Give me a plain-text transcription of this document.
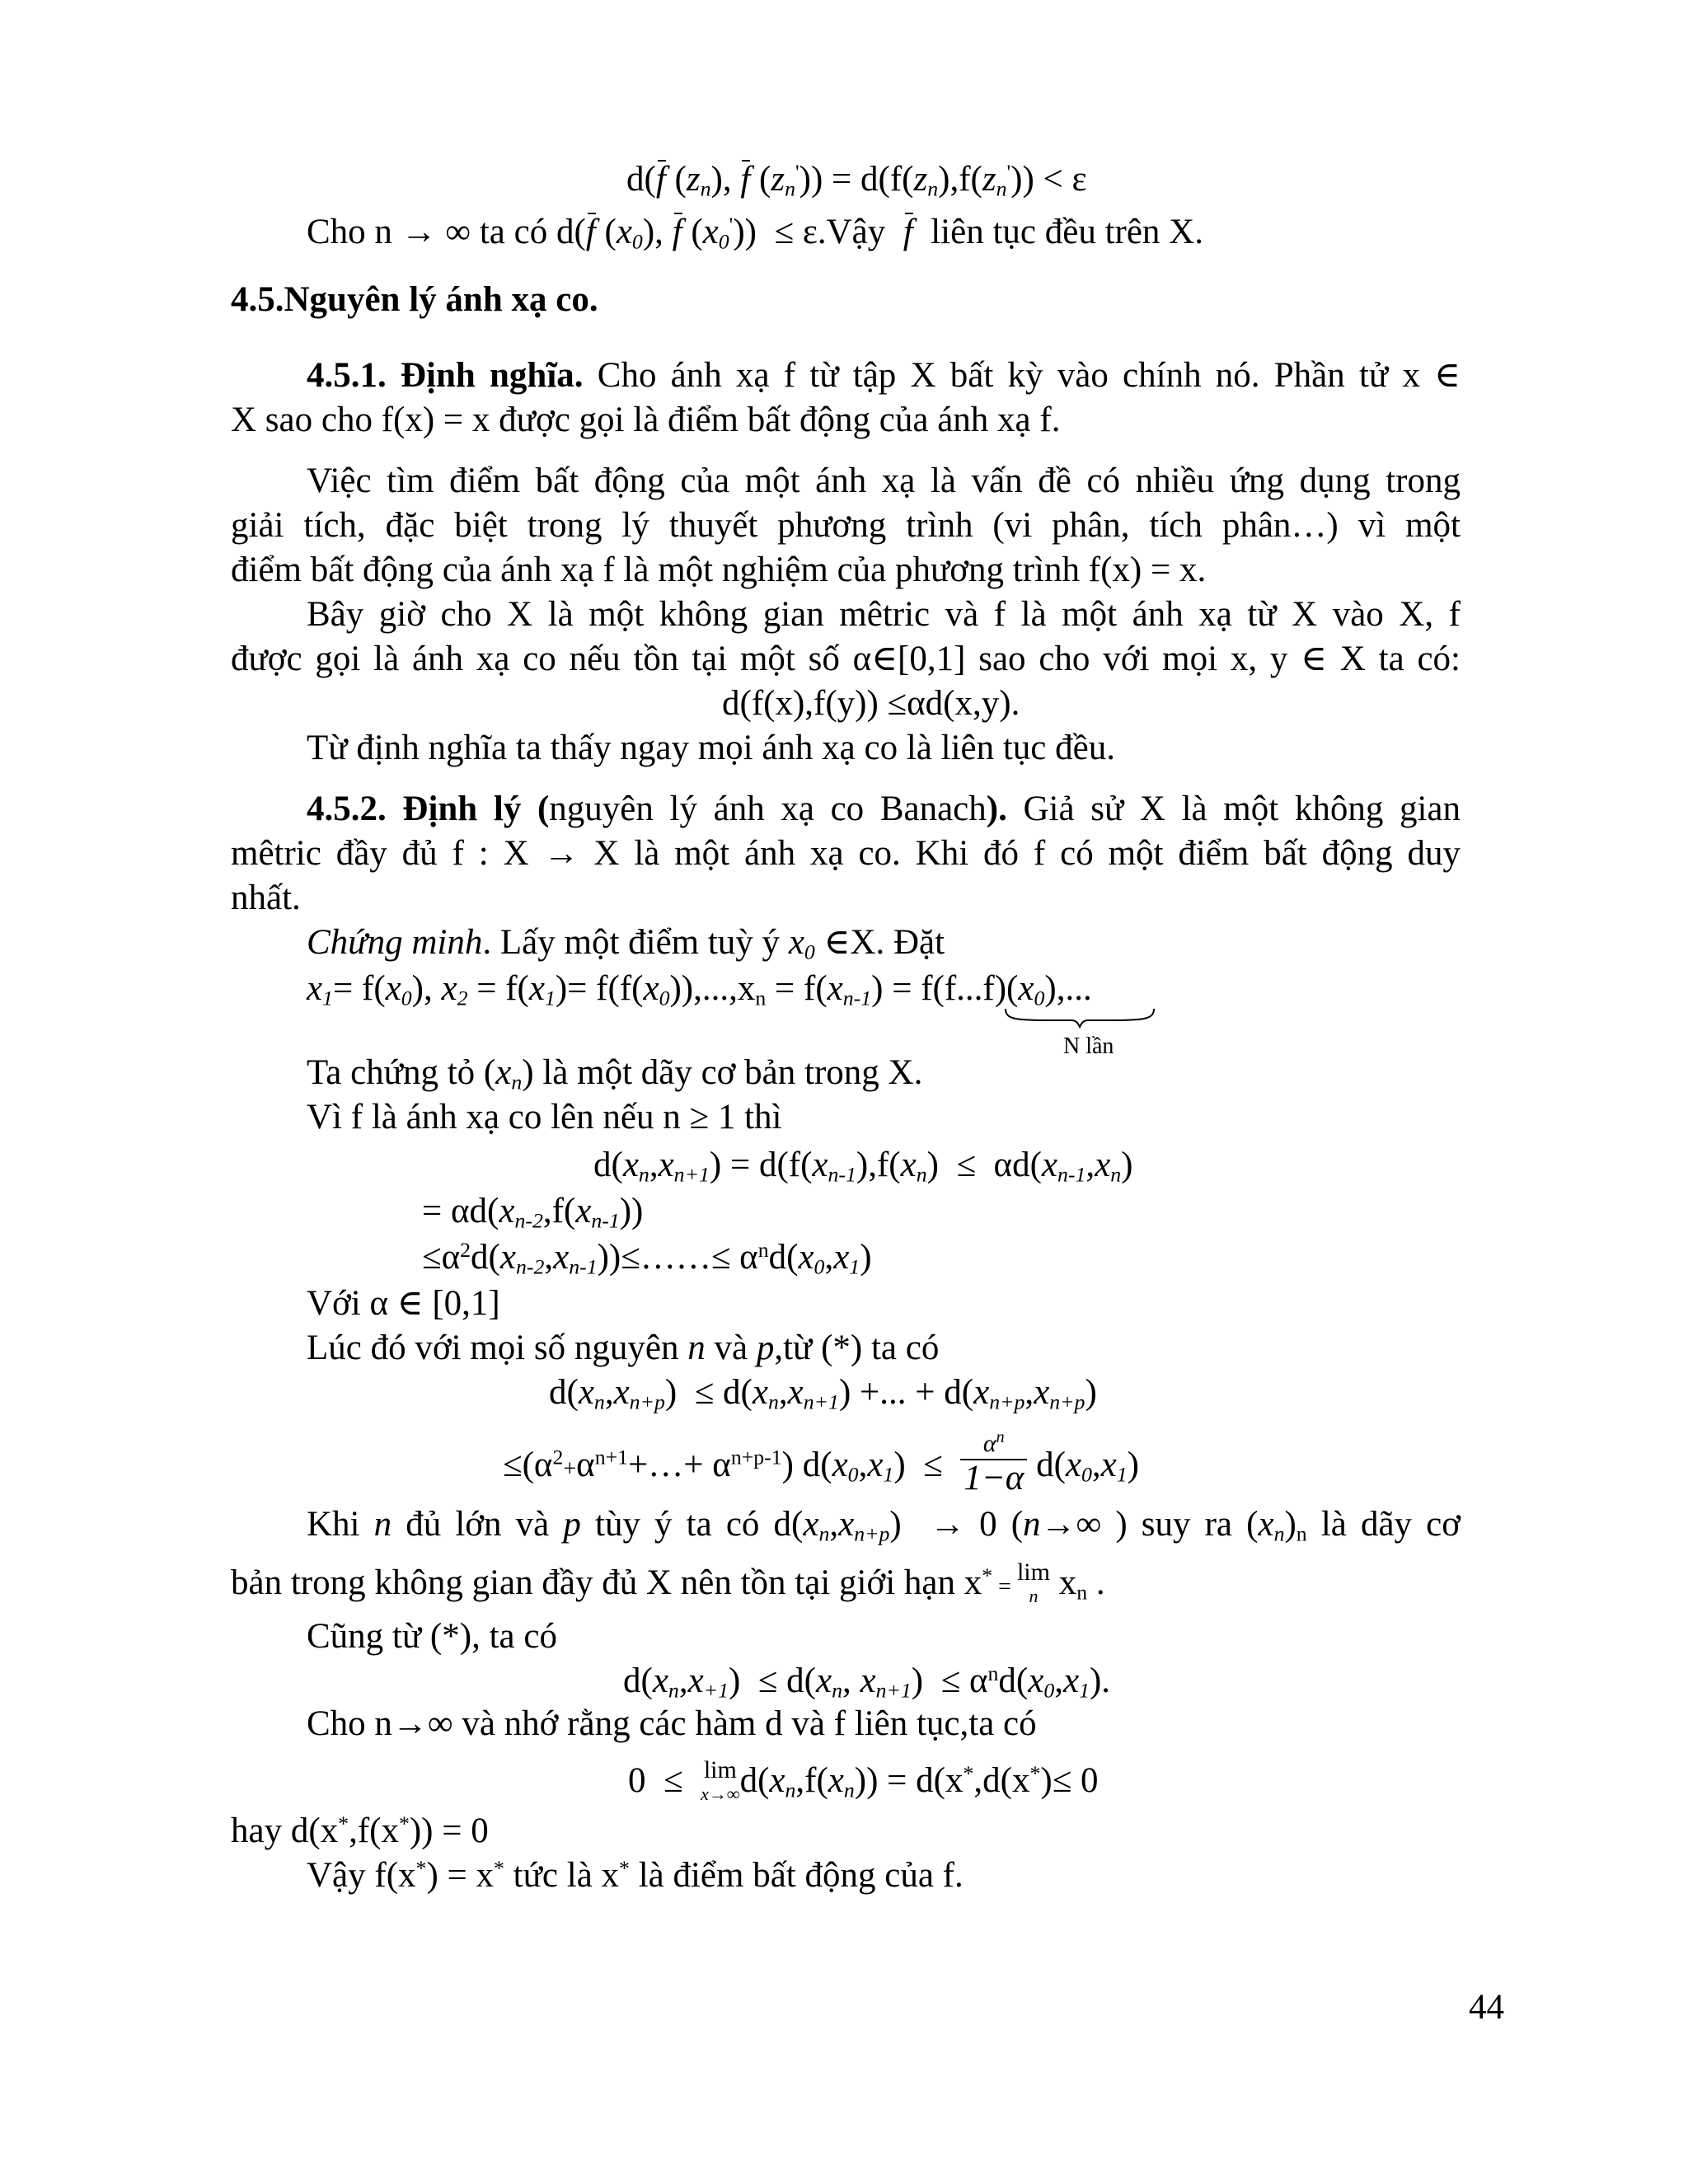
d(f $(z_n)$, f $(z_n')) = d(f(z_n),f(z_n')) < \varepsilon$
Cho n → ∞ ta có d(f $(x_0)$, f $(x_0')$)  ≤ ε.Vậy  f  liên tục đều trên X.
4.5.Nguyên lý ánh xạ co.
4.5.1. Định nghĩa. Cho ánh xạ f từ tập X bất kỳ vào chính nó. Phần tử x ∈
X sao cho f(x) = x được gọi là điểm bất động của ánh xạ f.
Việc tìm điểm bất động của một ánh xạ là vấn đề có nhiều ứng dụng trong
giải tích, đặc biệt trong lý thuyết phương trình (vi phân, tích phân…) vì một
điểm bất động của ánh xạ f là một nghiệm của phương trình f(x) = x.
Bây giờ cho X là một không gian mêtric và f là một ánh xạ từ X vào X, f
được gọi là ánh xạ co nếu tồn tại một số α∈[0,1] sao cho với mọi x, y ∈ X ta có:
d(f(x),f(y)) ≤αd(x,y).
Từ định nghĩa ta thấy ngay mọi ánh xạ co là liên tục đều.
4.5.2. Định lý (nguyên lý ánh xạ co Banach). Giả sử X là một không gian
mêtric đầy đủ f : X → X là một ánh xạ co. Khi đó f có một điểm bất động duy
nhất.
Chứng minh. Lấy một điểm tuỳ ý $x_0$ ∈X. Đặt
$x_1= f(x_0)$, $x_2 = f(x_1)= f(f(x_0)),...,x_n = f(x_{n-1}) = f(f...f)(x_0)$,...
N lần
Ta chứng tỏ $(x_n)$ là một dãy cơ bản trong X.
Vì f là ánh xạ co lên nếu n ≥ 1 thì
$d(x_n,x_{n+1}) = d(f(x_{n-1}),f(x_n) \le \alpha d(x_{n-1},x_n)$
= $\alpha d(x_{n-2},f(x_{n-1}))$
$\le\alpha^2d(x_{n-2},x_{n-1}))\le\dots\dots\le \alpha^nd(x_0,x_1)$
Với α ∈ [0,1]
Lúc đó với mọi số nguyên n và p,từ (*) ta có
$d(x_n,x_{n+p}) \le d(x_n,x_{n+1})$ +... + $d(x_{n+p},x_{n+p})$
$\le(\alpha^2+\alpha^{n+1}+\dots+ \alpha^{n+p-1}) d(x_0,x_1) \le \frac{\alpha^n}{1-\alpha} d(x_0,x_1)$
Khi n đủ lớn và p tùy ý ta có $d(x_n,x_{n+p}) \to 0$ (n→∞ ) suy ra $(x_n)_n$ là dãy cơ
bản trong không gian đầy đủ X nên tồn tại giới hạn x* =
lim
n $x_n$ .
Cũng từ (*), ta có
$d(x_n,x_{+1}) \le d(x_n$, $x_{n+1}) \le \alpha^nd(x_0,x_1)$.
Cho n→∞ và nhớ rằng các hàm d và f liên tục,ta có
0  ≤ lim
x→∞ $d(x_n,f(x_n)) = d(x^*,d(x^*)\le 0$
hay d(x*,f(x*)) = 0
Vậy f(x*) = x* tức là x* là điểm bất động của f.
44
